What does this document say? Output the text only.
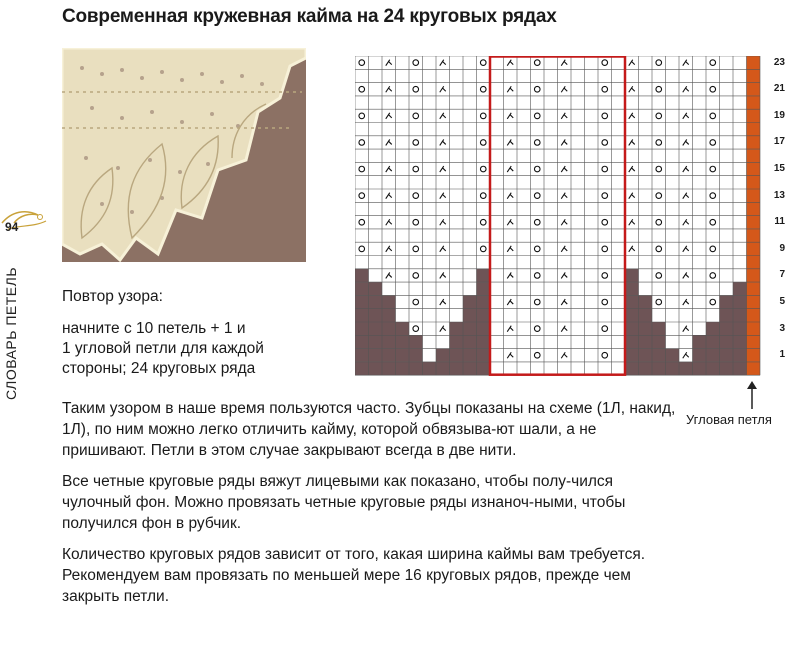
Современная кружевная кайма на 24 круговых рядах
94
СЛОВАРЬ ПЕТЕЛЬ	Повтор узора:

начните с 10 петель + 1 и

1 угловой петли для каждой

стороны; 24 круговых ряда

23
21
19
17
15
13
11
9
7
5
3
1
Угловая петля

Таким узором в наше время пользуются часто. Зубцы показаны на схеме (1Л, накид, 1Л), по ним можно легко отличить кайму, которой обвязыва-ют шали, а не пришивают. Петли в этом случае закрывают всегда в две нити.

Все четные круговые ряды вяжут лицевыми как показано, чтобы полу-чился чулочный фон. Можно провязать четные круговые ряды изнаноч-ными, чтобы получился фон в рубчик.

Количество круговых рядов зависит от того, какая ширина каймы вам требуется. Рекомендуем вам провязать по меньшей мере 16 круговых рядов, прежде чем закрыть петли.
